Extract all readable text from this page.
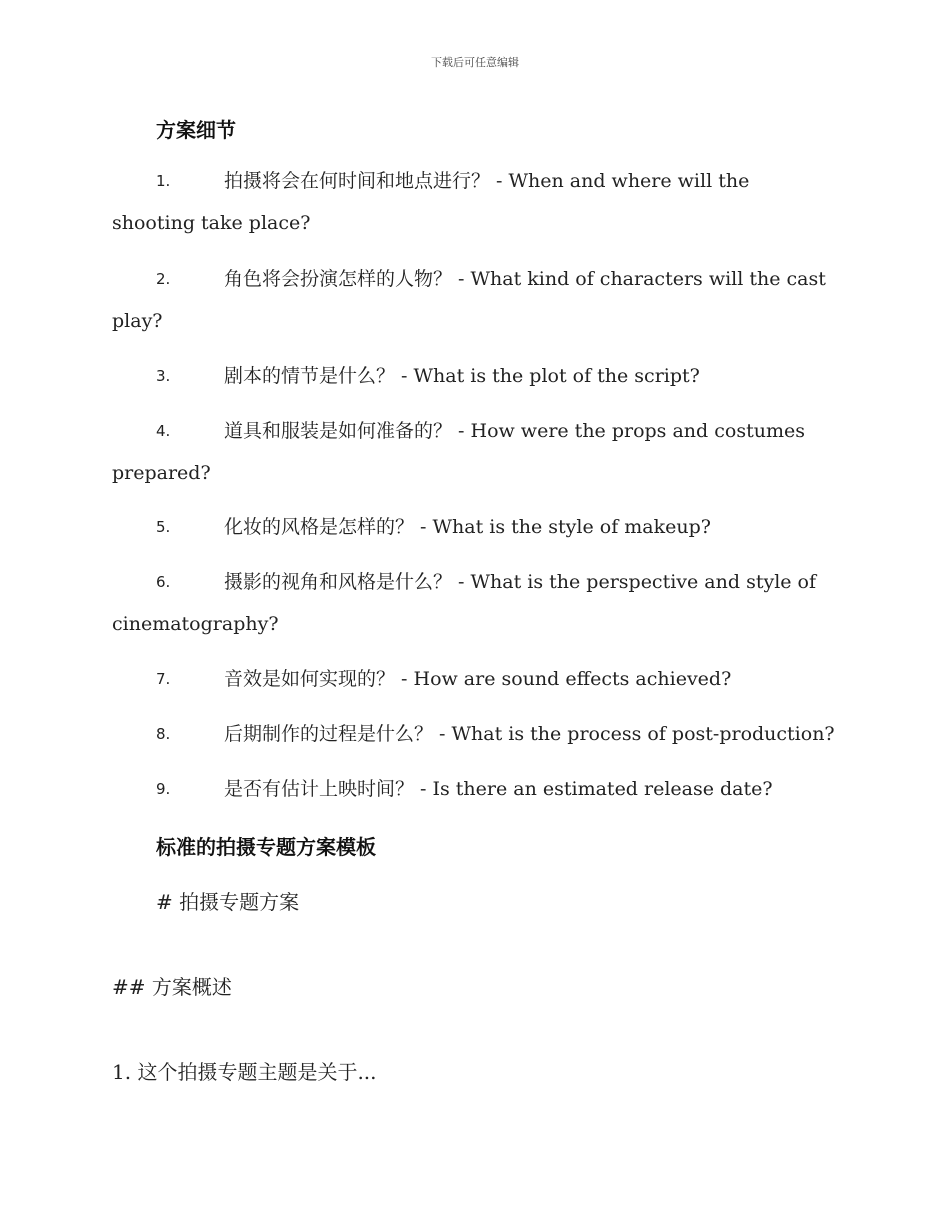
下载后可任意编辑
方案细节
1.	拍摄将会在何时间和地点进行？ - When and where will the shooting take place?

2.	角色将会扮演怎样的人物？ - What kind of characters will the cast play?

3.	剧本的情节是什么？ - What is the plot of the script?

4.	道具和服装是如何准备的？ - How were the props and costumes prepared?

5.	化妆的风格是怎样的？ - What is the style of makeup?

6.	摄影的视角和风格是什么？ - What is the perspective and style of cinematography?

7.	音效是如何实现的？ - How are sound effects achieved?

8.	后期制作的过程是什么？ - What is the process of post-production?

9.	是否有估计上映时间？ - Is there an estimated release date?

标准的拍摄专题方案模板
# 拍摄专题方案
## 方案概述
1. 这个拍摄专题主题是关于...
